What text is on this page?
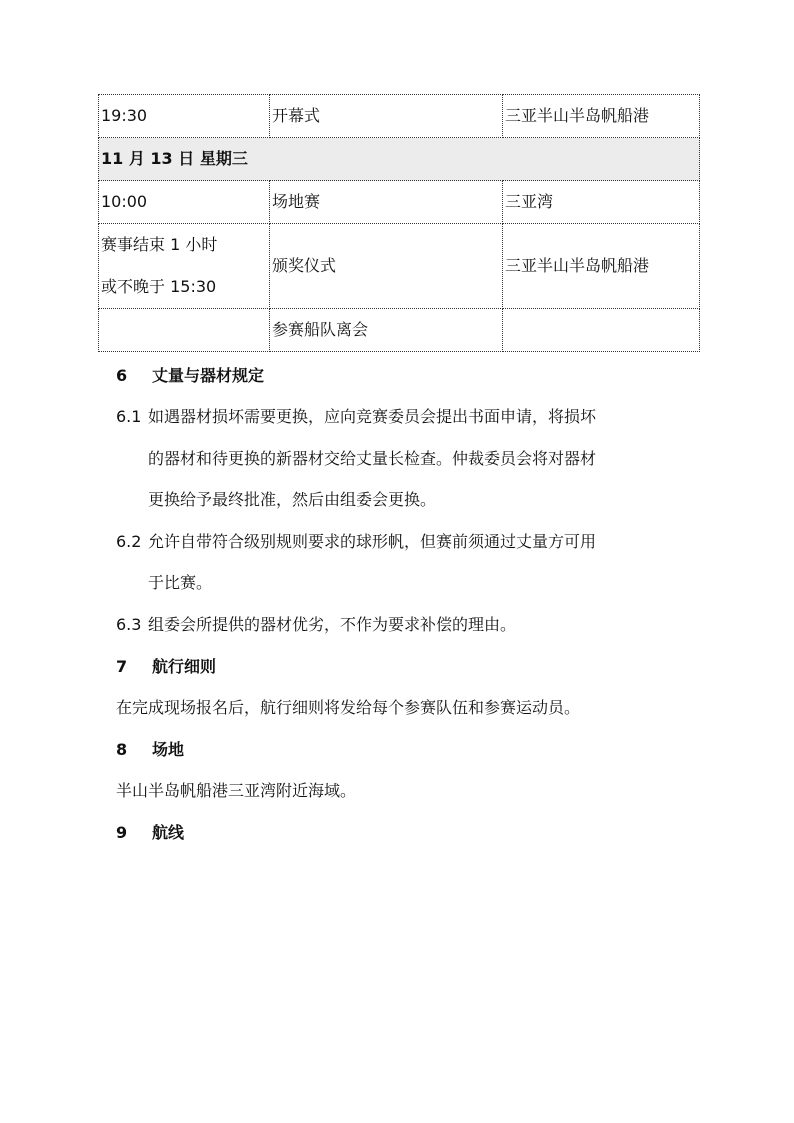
19:30	开幕式	三亚半山半岛帆船港
11 月 13 日 星期三		
10:00	场地赛	三亚湾

赛事结束 1 小时
或不晚于 15:30	颁奖仪式	三亚半山半岛帆船港
	参赛船队离会	
6 丈量与器材规定
6.1 如遇器材损坏需要更换，应向竞赛委员会提出书面申请，将损坏
的器材和待更换的新器材交给丈量长检查。仲裁委员会将对器材
更换给予最终批准，然后由组委会更换。
6.2 允许自带符合级别规则要求的球形帆，但赛前须通过丈量方可用
于比赛。
6.3 组委会所提供的器材优劣，不作为要求补偿的理由。
7 航行细则
在完成现场报名后，航行细则将发给每个参赛队伍和参赛运动员。
8 场地
半山半岛帆船港三亚湾附近海域。
9 航线
